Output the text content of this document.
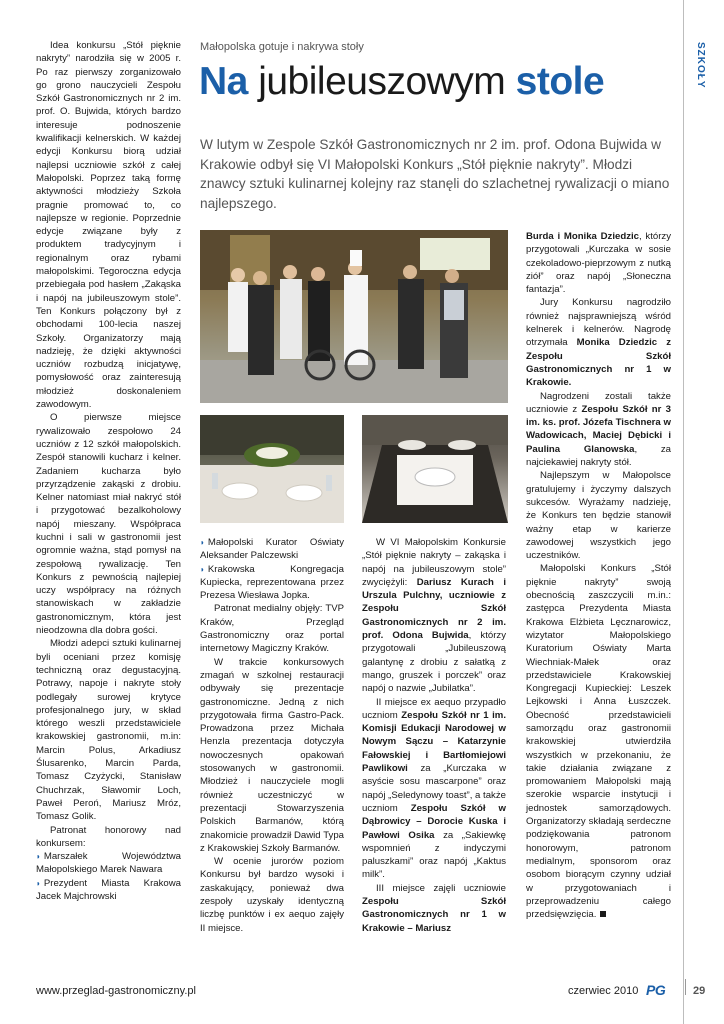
SZKOŁY
Małopolska gotuje i nakrywa stoły
Na jubileuszowym stole
W lutym w Zespole Szkół Gastronomicznych nr 2 im. prof. Odona Bujwida w Krakowie odbył się VI Małopolski Konkurs „Stół pięknie nakryty”. Młodzi znawcy sztuki kulinarnej kolejny raz stanęli do szlachetnej rywalizacji o miano najlepszego.

Idea konkursu „Stół pięknie nakryty” narodziła się w 2005 r. Po raz pierwszy zorganizowało go grono nauczycieli Zespołu Szkół Gastronomicznych nr 2 im. prof. O. Bujwida, których bardzo interesuje podnoszenie kwalifikacji kelnerskich. W każdej edycji Konkursu biorą udział najlepsi uczniowie szkół z całej Małopolski. Poprzez taką formę aktywności młodzieży Szkoła pragnie promować to, co najlepsze w regionie. Poprzednie edycje związane były z produktem tradycyjnym i regionalnym oraz rybami małopolskimi. Tegoroczna edycja przebiegała pod hasłem „Zakąska i napój na jubileuszowym stole”. Ten Konkurs połączony był z obchodami 100-lecia naszej Szkoły. Organizatorzy mają nadzieję, że dzięki aktywności uczniów rozbudzą inicjatywę, pomysłowość oraz zainteresują młodzież doskonaleniem zawodowym.

O pierwsze miejsce rywalizowało zespołowo 24 uczniów z 12 szkół małopolskich. Zespół stanowili kucharz i kelner. Zadaniem kucharza było przyrządzenie zakąski z drobiu. Kelner natomiast miał nakryć stół i przygotować bezalkoholowy napój mieszany. Współpraca kuchni i sali w gastronomii jest ogromnie ważna, stąd pomysł na zespołową rywalizację. Ten Konkurs z pewnością najlepiej uczy współpracy na różnych stanowiskach w zakładzie gastronomicznym, która jest nieodzowna dla dobra gości.

Młodzi adepci sztuki kulinarnej byli oceniani przez komisję techniczną oraz degustacyjną. Potrawy, napoje i nakryte stoły podlegały surowej krytyce profesjonalnego jury, w skład którego weszli przedstawiciele krakowskiej gastronomii, m.in: Marcin Polus, Arkadiusz Ślusarenko, Marcin Parda, Tomasz Czyżycki, Stanisław Chuchrzak, Sławomir Loch, Paweł Peroń, Mariusz Mróz, Tomasz Golik.

Patronat honorowy nad konkursem:

◗ Marszałek Województwa Małopolskiego Marek Nawara

◗ Prezydent Miasta Krakowa Jacek Majchrowski

◗ Małopolski Kurator Oświaty Aleksander Palczewski

◗ Krakowska Kongregacja Kupiecka, reprezentowana przez Prezesa Wiesława Jopka.

Patronat medialny objęły: TVP Kraków, Przegląd Gastronomiczny oraz portal internetowy Magiczny Kraków.

W trakcie konkursowych zmagań w szkolnej restauracji odbywały się prezentacje gastronomiczne. Jedną z nich przygotowała firma Gastro-Pack. Prowadzona przez Michała Henzla prezentacja dotyczyła nowoczesnych opakowań stosowanych w gastronomii. Młodzież i nauczyciele mogli również uczestniczyć w prezentacji Stowarzyszenia Polskich Barmanów, którą znakomicie prowadził Dawid Typa z Krakowskiej Szkoły Barmanów.

W ocenie jurorów poziom Konkursu był bardzo wysoki i zaskakujący, ponieważ dwa zespoły uzyskały identyczną liczbę punktów i ex aequo zajęły II miejsce.

W VI Małopolskim Konkursie „Stół pięknie nakryty – zakąska i napój na jubileuszowym stole” zwyciężyli: Dariusz Kurach i Urszula Pulchny, uczniowie z Zespołu Szkół Gastronomicznych nr 2 im. prof. Odona Bujwida, którzy przygotowali „Jubileuszową galantynę z drobiu z sałatką z mango, gruszek i porczek” oraz napój o nazwie „Jubilatka”.

II miejsce ex aequo przypadło uczniom Zespołu Szkół nr 1 im. Komisji Edukacji Narodowej w Nowym Sączu – Katarzynie Fałowskiej i Bartłomiejowi Pawlikowi za „Kurczaka w asyście sosu mascarpone” oraz napój „Seledynowy toast”, a także uczniom Zespołu Szkół w Dąbrowicy – Dorocie Kuska i Pawłowi Osika za „Sakiewkę wspomnień z indyczymi paluszkami” oraz napój „Kaktus milk”.

III miejsce zajęli uczniowie Zespołu Szkół Gastronomicznych nr 1 w Krakowie – Mariusz

Burda i Monika Dziedzic, którzy przygotowali „Kurczaka w sosie czekoladowo-pieprzowym z nutką ziół” oraz napój „Słoneczna fantazja”.

Jury Konkursu nagrodziło również najsprawniejszą wśród kelnerek i kelnerów. Nagrodę otrzymała Monika Dziedzic z Zespołu Szkół Gastronomicznych nr 1 w Krakowie.

Nagrodzeni zostali także uczniowie z Zespołu Szkół nr 3 im. ks. prof. Józefa Tischnera w Wadowicach, Maciej Dębicki i Paulina Glanowska, za najciekawiej nakryty stół.

Najlepszym w Małopolsce gratulujemy i życzymy dalszych sukcesów. Wyrażamy nadzieję, że Konkurs ten będzie stanowił ważny etap w karierze zawodowej wszystkich jego uczestników.

Małopolski Konkurs „Stół pięknie nakryty” swoją obecnością zaszczycili m.in.: zastępca Prezydenta Miasta Krakowa Elżbieta Lęcznarowicz, wizytator Małopolskiego Kuratorium Oświaty Marta Wiechniak-Małek oraz przedstawiciele Krakowskiej Kongregacji Kupieckiej: Leszek Lejkowski i Anna Łuszczek. Obecność przedstawicieli samorządu oraz gastronomii krakowskiej utwierdziła wszystkich w przekonaniu, że takie działania związane z promowaniem Małopolski mają szerokie wsparcie instytucji i jednostek samorządowych. Organizatorzy składają serdeczne podziękowania patronom honorowym, patronom medialnym, sponsorom oraz osobom biorącym czynny udział w przygotowaniach i przeprowadzeniu całego przedsięwzięcia.

www.przeglad-gastronomiczny.pl	czerwiec 2010 PG	29
